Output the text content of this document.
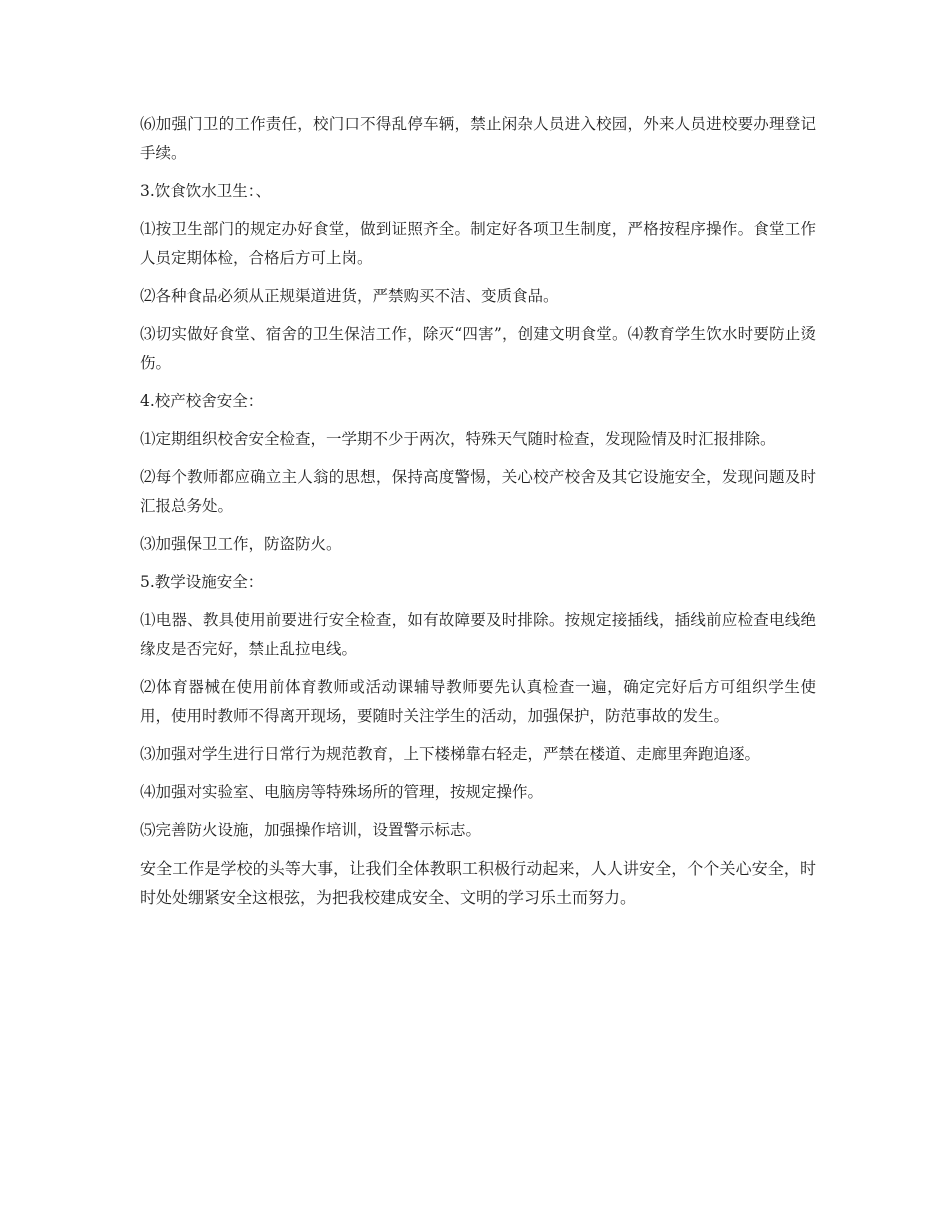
⑹加强门卫的工作责任，校门口不得乱停车辆，禁止闲杂人员进入校园，外来人员进校要办理登记手续。

3.饮食饮水卫生：、

⑴按卫生部门的规定办好食堂，做到证照齐全。制定好各项卫生制度，严格按程序操作。食堂工作人员定期体检，合格后方可上岗。

⑵各种食品必须从正规渠道进货，严禁购买不洁、变质食品。

⑶切实做好食堂、宿舍的卫生保洁工作，除灭“四害”，创建文明食堂。⑷教育学生饮水时要防止烫伤。

4.校产校舍安全：

⑴定期组织校舍安全检查，一学期不少于两次，特殊天气随时检查，发现险情及时汇报排除。

⑵每个教师都应确立主人翁的思想，保持高度警惕，关心校产校舍及其它设施安全，发现问题及时汇报总务处。

⑶加强保卫工作，防盗防火。

5.教学设施安全：

⑴电器、教具使用前要进行安全检查，如有故障要及时排除。按规定接插线，插线前应检查电线绝缘皮是否完好，禁止乱拉电线。

⑵体育器械在使用前体育教师或活动课辅导教师要先认真检查一遍，确定完好后方可组织学生使用，使用时教师不得离开现场，要随时关注学生的活动，加强保护，防范事故的发生。

⑶加强对学生进行日常行为规范教育，上下楼梯靠右轻走，严禁在楼道、走廊里奔跑追逐。

⑷加强对实验室、电脑房等特殊场所的管理，按规定操作。

⑸完善防火设施，加强操作培训，设置警示标志。

安全工作是学校的头等大事，让我们全体教职工积极行动起来，人人讲安全，个个关心安全，时时处处绷紧安全这根弦，为把我校建成安全、文明的学习乐土而努力。
